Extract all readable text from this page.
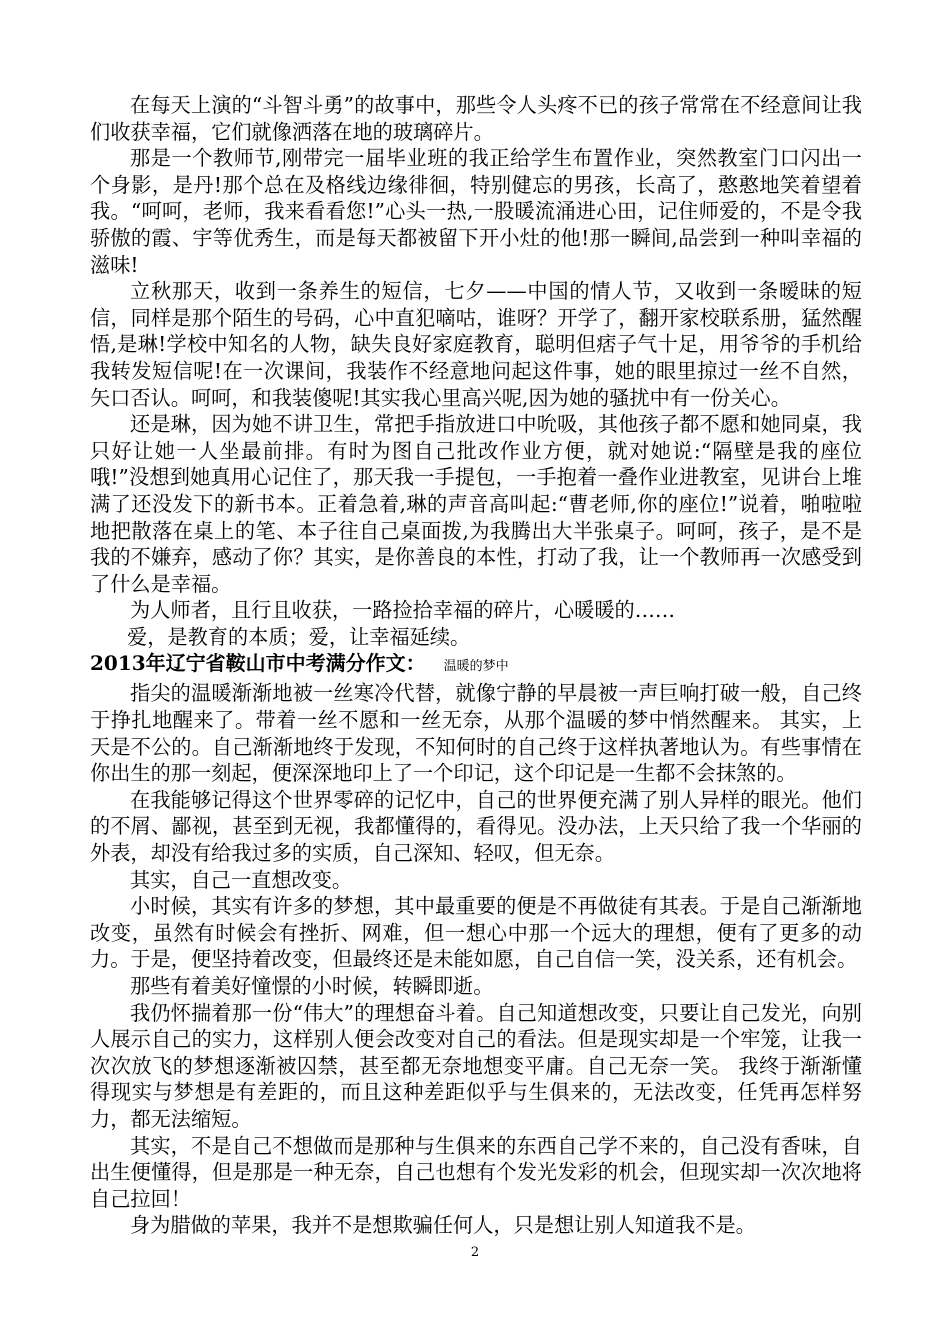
在每天上演的“斗智斗勇”的故事中，那些令人头疼不已的孩子常常在不经意间让我们收获幸福，它们就像洒落在地的玻璃碎片。

那是一个教师节,刚带完一届毕业班的我正给学生布置作业，突然教室门口闪出一个身影，是丹!那个总在及格线边缘徘徊，特别健忘的男孩，长高了，憨憨地笑着望着我。“呵呵，老师，我来看看您!”心头一热,一股暖流涌进心田，记住师爱的，不是令我骄傲的霞、宇等优秀生，而是每天都被留下开小灶的他!那一瞬间,品尝到一种叫幸福的滋味!

立秋那天，收到一条养生的短信，七夕——中国的情人节，又收到一条暧昧的短信，同样是那个陌生的号码，心中直犯嘀咕，谁呀？开学了，翻开家校联系册，猛然醒悟,是琳!学校中知名的人物，缺失良好家庭教育，聪明但痞子气十足，用爷爷的手机给我转发短信呢!在一次课间，我装作不经意地问起这件事，她的眼里掠过一丝不自然，矢口否认。呵呵，和我装傻呢!其实我心里高兴呢,因为她的骚扰中有一份关心。

还是琳，因为她不讲卫生，常把手指放进口中吮吸，其他孩子都不愿和她同桌，我只好让她一人坐最前排。有时为图自己批改作业方便，就对她说:“隔壁是我的座位哦!”没想到她真用心记住了，那天我一手提包，一手抱着一叠作业进教室，见讲台上堆满了还没发下的新书本。正着急着,琳的声音高叫起:“曹老师,你的座位!”说着，啪啦啦地把散落在桌上的笔、本子往自己桌面拨,为我腾出大半张桌子。呵呵，孩子，是不是我的不嫌弃，感动了你？其实，是你善良的本性，打动了我，让一个教师再一次感受到了什么是幸福。

为人师者，且行且收获，一路捡拾幸福的碎片，心暖暖的……

爱，是教育的本质；爱，让幸福延续。

2013年辽宁省鞍山市中考满分作文： 温暖的梦中

指尖的温暖渐渐地被一丝寒冷代替，就像宁静的早晨被一声巨响打破一般，自己终于挣扎地醒来了。带着一丝不愿和一丝无奈，从那个温暖的梦中悄然醒来。 其实，上天是不公的。自己渐渐地终于发现，不知何时的自己终于这样执著地认为。有些事情在你出生的那一刻起，便深深地印上了一个印记，这个印记是一生都不会抹煞的。

在我能够记得这个世界零碎的记忆中，自己的世界便充满了别人异样的眼光。他们的不屑、鄙视，甚至到无视，我都懂得的，看得见。没办法，上天只给了我一个华丽的外表，却没有给我过多的实质，自己深知、轻叹，但无奈。

其实，自己一直想改变。

小时候，其实有许多的梦想，其中最重要的便是不再做徒有其表。于是自己渐渐地改变，虽然有时候会有挫折、网难，但一想心中那一个远大的理想，便有了更多的动力。于是，便坚持着改变，但最终还是未能如愿，自己自信一笑，没关系，还有机会。

那些有着美好憧憬的小时候，转瞬即逝。

我仍怀揣着那一份“伟大”的理想奋斗着。自己知道想改变，只要让自己发光，向别人展示自己的实力，这样别人便会改变对自己的看法。但是现实却是一个牢笼，让我一次次放飞的梦想逐渐被囚禁，甚至都无奈地想变平庸。自己无奈一笑。 我终于渐渐懂得现实与梦想是有差距的，而且这种差距似乎与生俱来的，无法改变，任凭再怎样努力，都无法缩短。

其实，不是自己不想做而是那种与生俱来的东西自己学不来的，自己没有香味，自出生便懂得，但是那是一种无奈，自己也想有个发光发彩的机会，但现实却一次次地将自己拉回！

身为腊做的苹果，我并不是想欺骗任何人，只是想让别人知道我不是。

2
